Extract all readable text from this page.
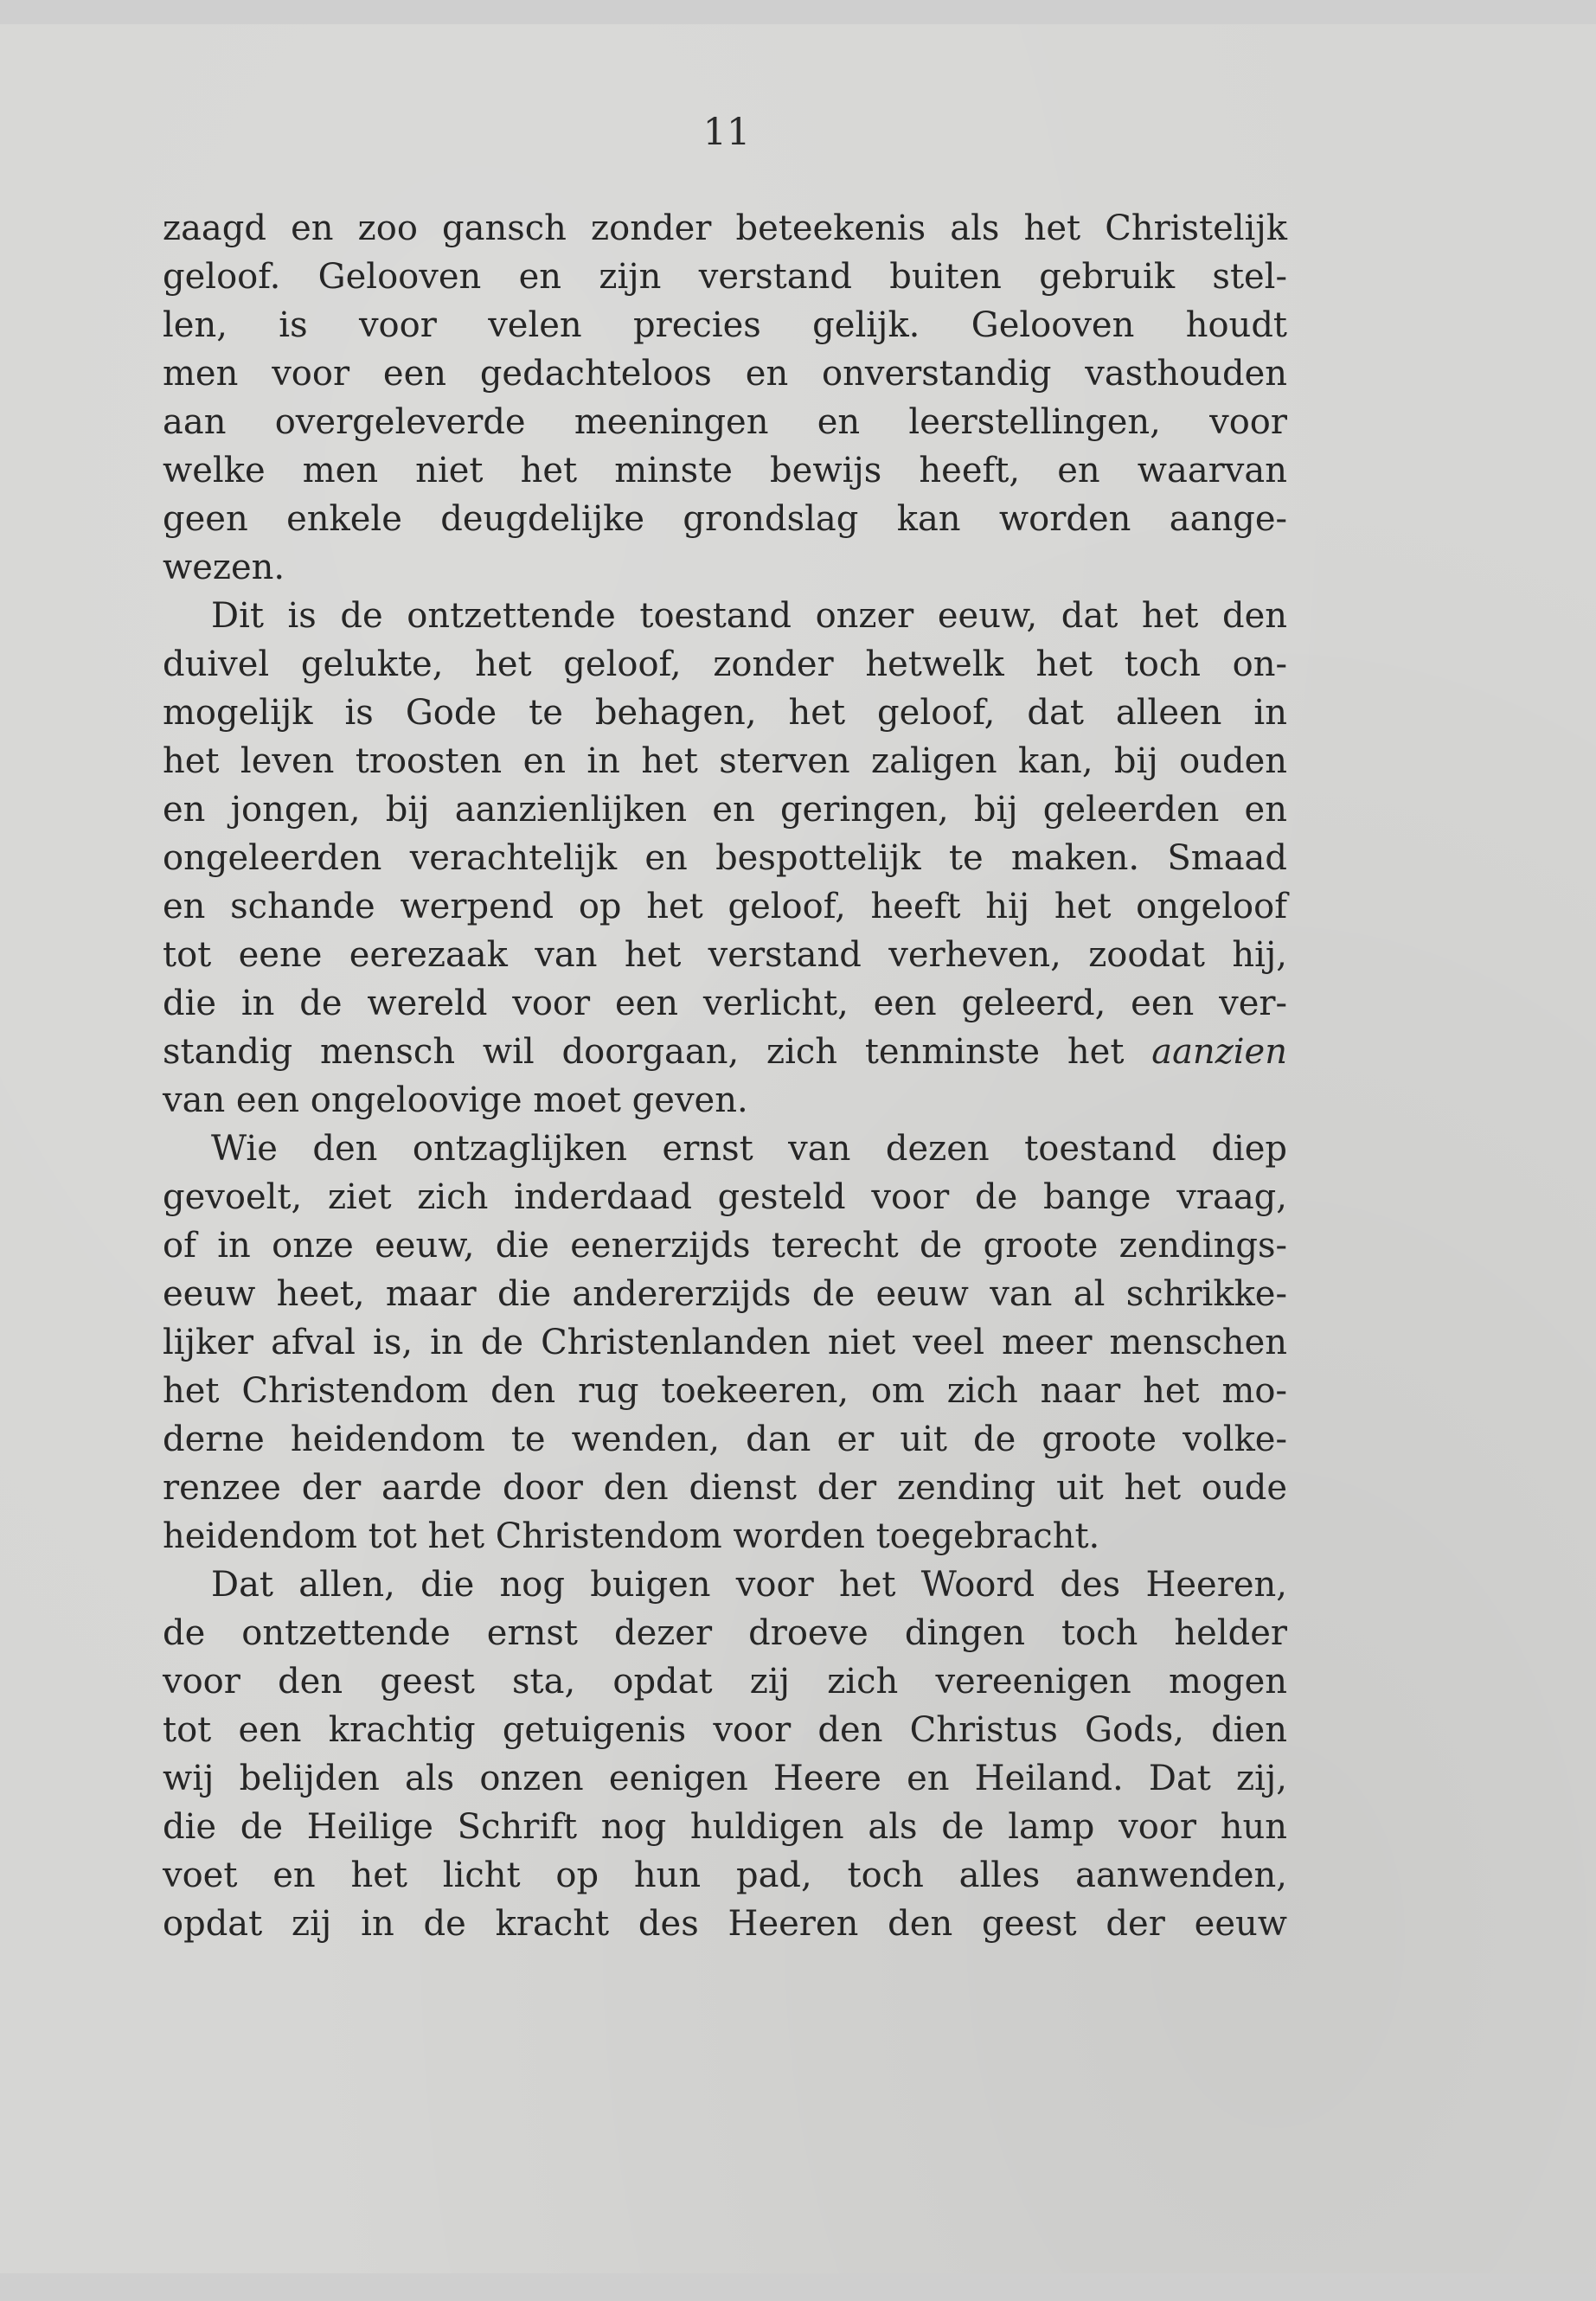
11

zaagd en zoo gansch zonder beteekenis als het Christelijk
geloof. Gelooven en zijn verstand buiten gebruik stel-
len, is voor velen precies gelijk. Gelooven houdt
men voor een gedachteloos en onverstandig vasthouden
aan overgeleverde meeningen en leerstellingen, voor
welke men niet het minste bewijs heeft, en waarvan
geen enkele deugdelijke grondslag kan worden aange-
wezen.
Dit is de ontzettende toestand onzer eeuw, dat het den
duivel gelukte, het geloof, zonder hetwelk het toch on-
mogelijk is Gode te behagen, het geloof, dat alleen in
het leven troosten en in het sterven zaligen kan, bij ouden
en jongen, bij aanzienlijken en geringen, bij geleerden en
ongeleerden verachtelijk en bespottelijk te maken. Smaad
en schande werpend op het geloof, heeft hij het ongeloof
tot eene eerezaak van het verstand verheven, zoodat hij,
die in de wereld voor een verlicht, een geleerd, een ver-
standig mensch wil doorgaan, zich tenminste het aanzien
van een ongeloovige moet geven.
Wie den ontzaglijken ernst van dezen toestand diep
gevoelt, ziet zich inderdaad gesteld voor de bange vraag,
of in onze eeuw, die eenerzijds terecht de groote zendings-
eeuw heet, maar die andererzijds de eeuw van al schrikke-
lijker afval is, in de Christenlanden niet veel meer menschen
het Christendom den rug toekeeren, om zich naar het mo-
derne heidendom te wenden, dan er uit de groote volke-
renzee der aarde door den dienst der zending uit het oude
heidendom tot het Christendom worden toegebracht.
Dat allen, die nog buigen voor het Woord des Heeren,
de ontzettende ernst dezer droeve dingen toch helder
voor den geest sta, opdat zij zich vereenigen mogen
tot een krachtig getuigenis voor den Christus Gods, dien
wij belijden als onzen eenigen Heere en Heiland. Dat zij,
die de Heilige Schrift nog huldigen als de lamp voor hun
voet en het licht op hun pad, toch alles aanwenden,
opdat zij in de kracht des Heeren den geest der eeuw
